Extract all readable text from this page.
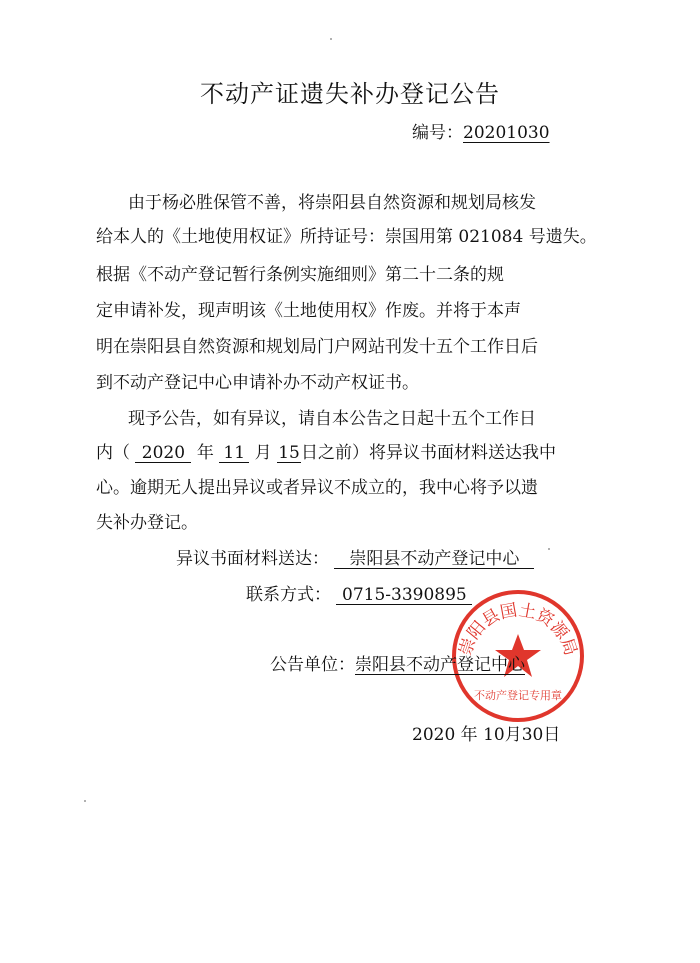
不动产证遗失补办登记公告
编号：20201030
由于杨必胜保管不善，将崇阳县自然资源和规划局核发
给本人的《土地使用权证》所持证号：崇国用第 021084 号遗失。
根据《不动产登记暂行条例实施细则》第二十二条的规
定申请补发，现声明该《土地使用权》作废。并将于本声
明在崇阳县自然资源和规划局门户网站刊发十五个工作日后
到不动产登记中心申请补办不动产权证书。
现予公告，如有异议，请自本公告之日起十五个工作日
内（ 2020 年 11 月 15日之前）将异议书面材料送达我中
心。逾期无人提出异议或者异议不成立的，我中心将予以遗
失补办登记。
异议书面材料送达： 崇阳县不动产登记中心
联系方式： 0715-3390895
崇阳县国土资源局
不动产登记专用章
公告单位：崇阳县不动产登记中心
2020 年 10月30日
